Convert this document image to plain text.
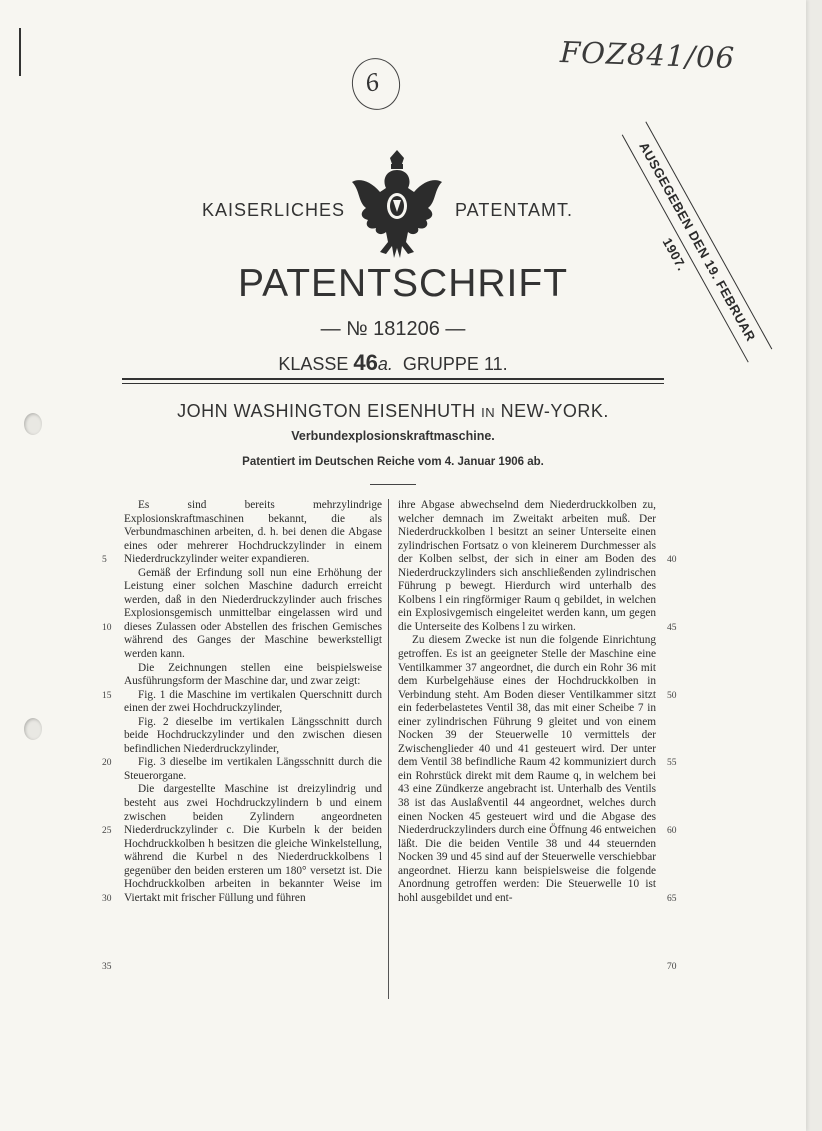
FOZ841/06
6
KAISERLICHES	PATENTAMT.	AUSGEGEBEN DEN 19. FEBRUAR 1907.
PATENTSCHRIFT
— № 181206 —
KLASSE 46a. GRUPPE 11.
JOHN WASHINGTON EISENHUTH IN NEW-YORK.
Verbundexplosionskraftmaschine.
Patentiert im Deutschen Reiche vom 4. Januar 1906 ab.

Es sind bereits mehrzylindrige Explosionskraftmaschinen bekannt, die als Verbundmaschinen arbeiten, d. h. bei denen die Abgase eines oder mehrerer Hochdruckzylinder in einem Niederdruckzylinder weiter expandieren.

Gemäß der Erfindung soll nun eine Erhöhung der Leistung einer solchen Maschine dadurch erreicht werden, daß in den Niederdruckzylinder auch frisches Explosionsgemisch unmittelbar eingelassen wird und dieses Zulassen oder Abstellen des frischen Gemisches während des Ganges der Maschine bewerkstelligt werden kann.

Die Zeichnungen stellen eine beispielsweise Ausführungsform der Maschine dar, und zwar zeigt:

Fig. 1 die Maschine im vertikalen Querschnitt durch einen der zwei Hochdruckzylinder,

Fig. 2 dieselbe im vertikalen Längsschnitt durch beide Hochdruckzylinder und den zwischen diesen befindlichen Niederdruckzylinder,

Fig. 3 dieselbe im vertikalen Längsschnitt durch die Steuerorgane.

Die dargestellte Maschine ist dreizylindrig und besteht aus zwei Hochdruckzylindern b und einem zwischen beiden Zylindern angeordneten Niederdruckzylinder c. Die Kurbeln k der beiden Hochdruckkolben h besitzen die gleiche Winkelstellung, während die Kurbel n des Niederdruckkolbens l gegenüber den beiden ersteren um 180° versetzt ist. Die Hochdruckkolben arbeiten in bekannter Weise im Viertakt mit frischer Füllung und führen

ihre Abgase abwechselnd dem Niederdruckkolben zu, welcher demnach im Zweitakt arbeiten muß. Der Niederdruckkolben l besitzt an seiner Unterseite einen zylindrischen Fortsatz o von kleinerem Durchmesser als der Kolben selbst, der sich in einer am Boden des Niederdruckzylinders sich anschließenden zylindrischen Führung p bewegt. Hierdurch wird unterhalb des Kolbens l ein ringförmiger Raum q gebildet, in welchen ein Explosivgemisch eingeleitet werden kann, um gegen die Unterseite des Kolbens l zu wirken.

Zu diesem Zwecke ist nun die folgende Einrichtung getroffen. Es ist an geeigneter Stelle der Maschine eine Ventilkammer 37 angeordnet, die durch ein Rohr 36 mit dem Kurbelgehäuse eines der Hochdruckkolben in Verbindung steht. Am Boden dieser Ventilkammer sitzt ein federbelastetes Ventil 38, das mit einer Scheibe 7 in einer zylindrischen Führung 9 gleitet und von einem Nocken 39 der Steuerwelle 10 vermittels der Zwischenglieder 40 und 41 gesteuert wird. Der unter dem Ventil 38 befindliche Raum 42 kommuniziert durch ein Rohrstück direkt mit dem Raume q, in welchem bei 43 eine Zündkerze angebracht ist. Unterhalb des Ventils 38 ist das Auslaßventil 44 angeordnet, welches durch einen Nocken 45 gesteuert wird und die Abgase des Niederdruckzylinders durch eine Öffnung 46 entweichen läßt. Die die beiden Ventile 38 und 44 steuernden Nocken 39 und 45 sind auf der Steuerwelle verschiebbar angeordnet. Hierzu kann beispielsweise die folgende Anordnung getroffen werden: Die Steuerwelle 10 ist hohl ausgebildet und ent-

5
10
15
20
25
30
35
40
45
50
55
60
65
70
